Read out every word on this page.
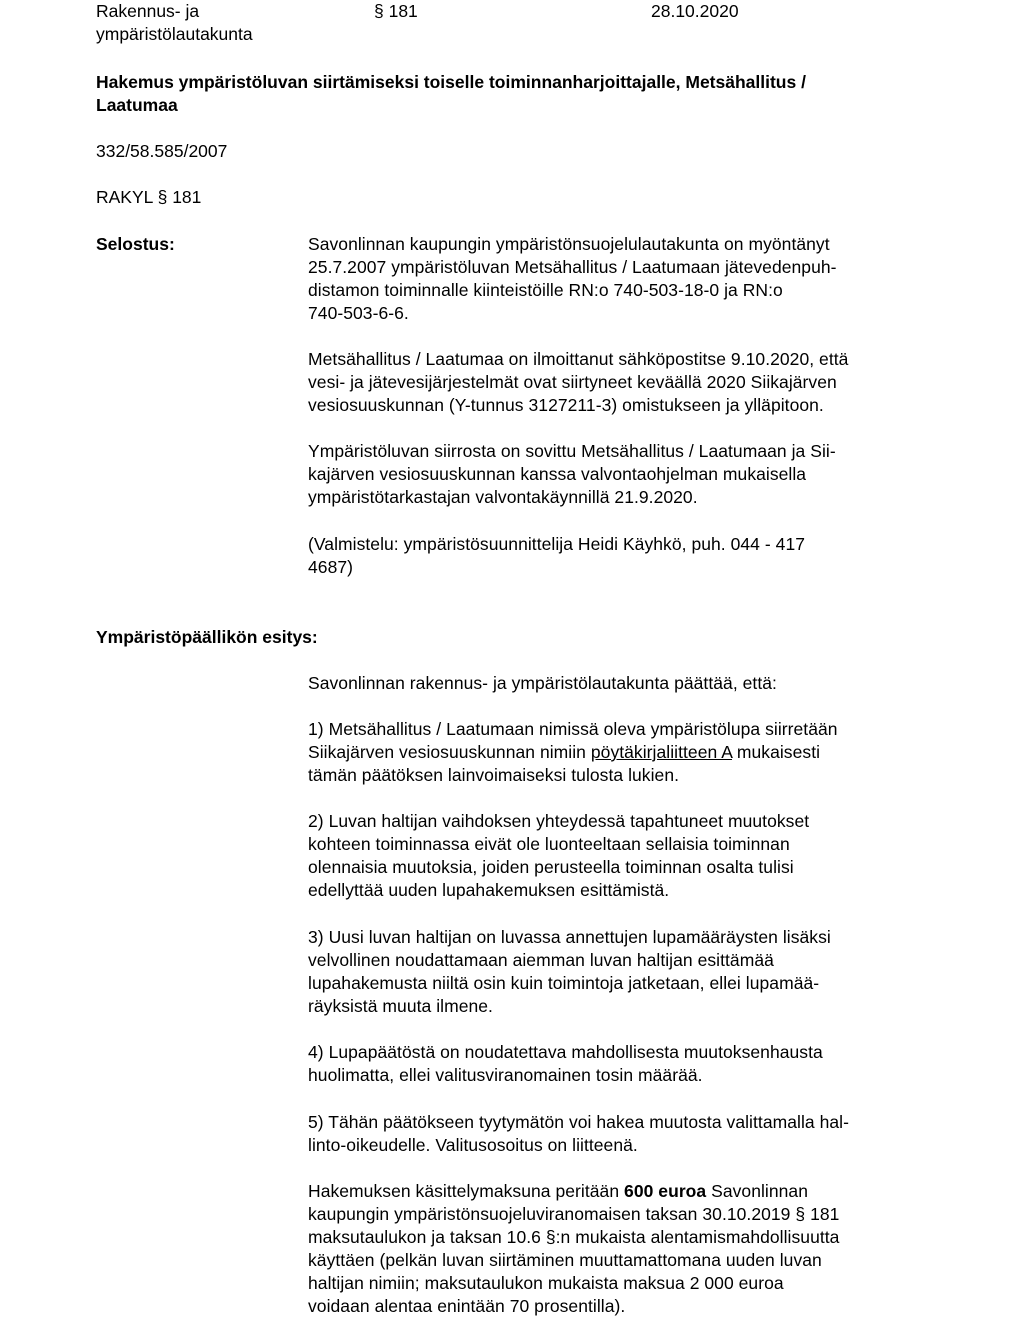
Rakennus- ja
ympäristölautakunta
§ 181	28.10.2020
Hakemus ympäristöluvan siirtämiseksi toiselle toiminnanharjoittajalle, Metsähallitus /
Laatumaa
332/58.585/2007
RAKYL § 181
Selostus:	Savonlinnan kaupungin ympäristönsuojelulautakunta on myöntänyt
25.7.2007 ympäristöluvan Metsähallitus / Laatumaan jätevedenpuh-
distamon toiminnalle kiinteistöille RN:o 740-503-18-0 ja RN:o
740-503-6-6.
Metsähallitus / Laatumaa on ilmoittanut sähköpostitse 9.10.2020, että
vesi- ja jätevesijärjestelmät ovat siirtyneet keväällä 2020 Siikajärven
vesiosuuskunnan (Y-tunnus 3127211-3) omistukseen ja ylläpitoon.
Ympäristöluvan siirrosta on sovittu Metsähallitus / Laatumaan ja Sii-
kajärven vesiosuuskunnan kanssa valvontaohjelman mukaisella
ympäristötarkastajan valvontakäynnillä 21.9.2020.
(Valmistelu: ympäristösuunnittelija Heidi Käyhkö, puh. 044 - 417
4687)
Ympäristöpäällikön esitys:
Savonlinnan rakennus- ja ympäristölautakunta päättää, että:
1) Metsähallitus / Laatumaan nimissä oleva ympäristölupa siirretään
Siikajärven vesiosuuskunnan nimiin pöytäkirjaliitteen A mukaisesti
tämän päätöksen lainvoimaiseksi tulosta lukien.
2) Luvan haltijan vaihdoksen yhteydessä tapahtuneet muutokset
kohteen toiminnassa eivät ole luonteeltaan sellaisia toiminnan
olennaisia muutoksia, joiden perusteella toiminnan osalta tulisi
edellyttää uuden lupahakemuksen esittämistä.
3) Uusi luvan haltijan on luvassa annettujen lupamääräysten lisäksi
velvollinen noudattamaan aiemman luvan haltijan esittämää
lupahakemusta niiltä osin kuin toimintoja jatketaan, ellei lupamää-
räyksistä muuta ilmene.
4) Lupapäätöstä on noudatettava mahdollisesta muutoksenhausta
huolimatta, ellei valitusviranomainen tosin määrää.
5) Tähän päätökseen tyytymätön voi hakea muutosta valittamalla hal-
linto-oikeudelle. Valitusosoitus on liitteenä.
Hakemuksen käsittelymaksuna peritään 600 euroa Savonlinnan
kaupungin ympäristönsuojeluviranomaisen taksan 30.10.2019 § 181
maksutaulukon ja taksan 10.6 §:n mukaista alentamismahdollisuutta
käyttäen (pelkän luvan siirtäminen muuttamattomana uuden luvan
haltijan nimiin; maksutaulukon mukaista maksua 2 000 euroa
voidaan alentaa enintään 70 prosentilla).
